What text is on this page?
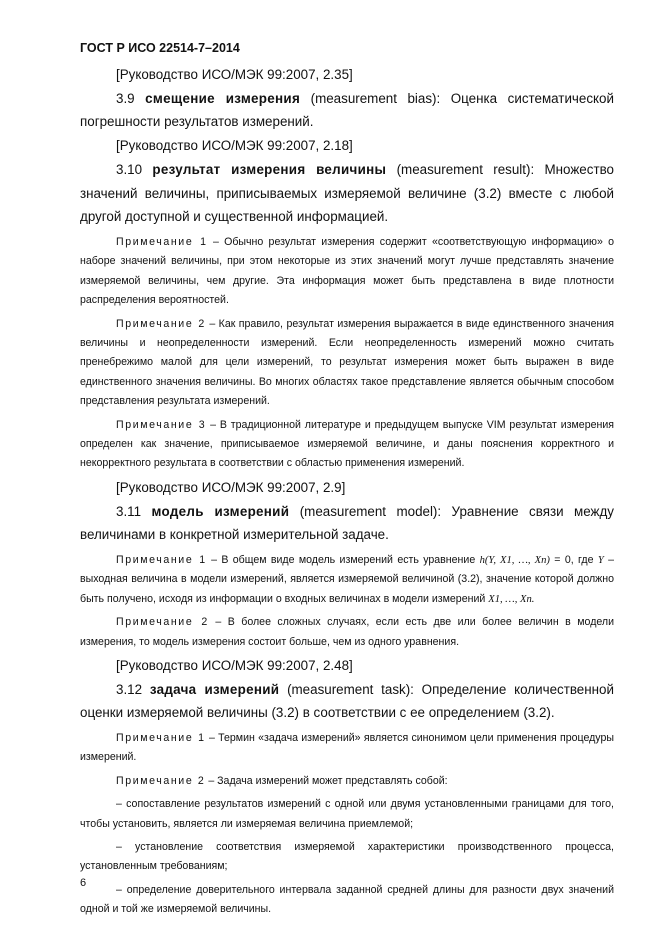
ГОСТ Р ИСО 22514-7–2014

[Руководство ИСО/МЭК 99:2007, 2.35]

3.9 смещение измерения (measurement bias): Оценка систематической погрешности результатов измерений.

[Руководство ИСО/МЭК 99:2007, 2.18]

3.10 результат измерения величины (measurement result): Множество значений величины, приписываемых измеряемой величине (3.2) вместе с любой другой доступной и существенной информацией.

Примечание 1 – Обычно результат измерения содержит «соответствующую информацию» о наборе значений величины, при этом некоторые из этих значений могут лучше представлять значение измеряемой величины, чем другие. Эта информация может быть представлена в виде плотности распределения вероятностей.

Примечание 2 – Как правило, результат измерения выражается в виде единственного значения величины и неопределенности измерений. Если неопределенность измерений можно считать пренебрежимо малой для цели измерений, то результат измерения может быть выражен в виде единственного значения величины. Во многих областях такое представление является обычным способом представления результата измерений.

Примечание 3 – В традиционной литературе и предыдущем выпуске VIM результат измерения определен как значение, приписываемое измеряемой величине, и даны пояснения корректного и некорректного результата в соответствии с областью применения измерений.

[Руководство ИСО/МЭК 99:2007, 2.9]

3.11 модель измерений (measurement model): Уравнение связи между величинами в конкретной измерительной задаче.

Примечание 1 – В общем виде модель измерений есть уравнение h(Y, X1, …, Xn) = 0, где Y – выходная величина в модели измерений, является измеряемой величиной (3.2), значение которой должно быть получено, исходя из информации о входных величинах в модели измерений X1, …, Xn.

Примечание 2 – В более сложных случаях, если есть две или более величин в модели измерения, то модель измерения состоит больше, чем из одного уравнения.

[Руководство ИСО/МЭК 99:2007, 2.48]

3.12 задача измерений (measurement task): Определение количественной оценки измеряемой величины (3.2) в соответствии с ее определением (3.2).

Примечание 1 – Термин «задача измерений» является синонимом цели применения процедуры измерений.

Примечание 2 – Задача измерений может представлять собой:

– сопоставление результатов измерений с одной или двумя установленными границами для того, чтобы установить, является ли измеряемая величина приемлемой;

– установление соответствия измеряемой характеристики производственного процесса, установленным требованиям;

– определение доверительного интервала заданной средней длины для разности двух значений одной и той же измеряемой величины.

6
